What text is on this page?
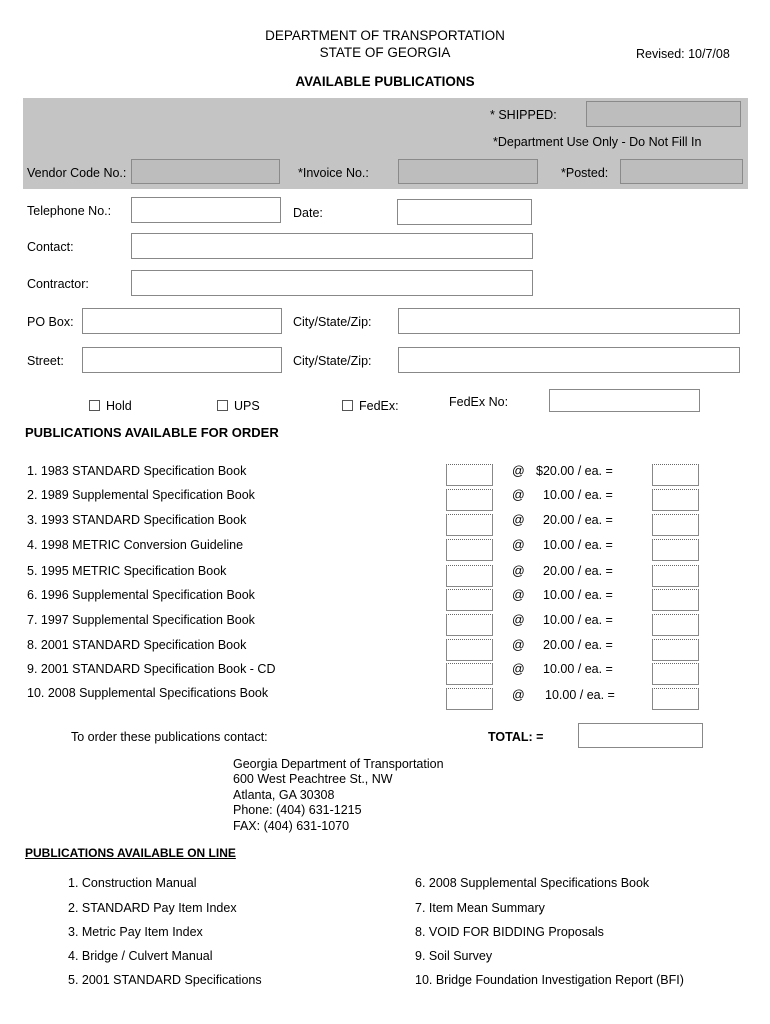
DEPARTMENT OF TRANSPORTATION
STATE OF GEORGIA	Revised: 10/7/08
AVAILABLE PUBLICATIONS
* SHIPPED:
*Department Use Only - Do Not Fill In
Vendor Code No.:	*Invoice No.:	*Posted:
Telephone No.:	Date:
Contact:
Contractor:
PO Box:	City/State/Zip:
Street:	City/State/Zip:
Hold	UPS	FedEx:	FedEx No:
PUBLICATIONS AVAILABLE FOR ORDER
1. 1983 STANDARD Specification Book	@ $20.00 / ea. =
2. 1989 Supplemental Specification Book	@ 10.00 / ea. =
3. 1993 STANDARD Specification Book	@ 20.00 / ea. =
4. 1998 METRIC Conversion Guideline	@ 10.00 / ea. =
5. 1995 METRIC Specification Book	@ 20.00 / ea. =
6. 1996 Supplemental Specification Book	@ 10.00 / ea. =
7. 1997 Supplemental Specification Book	@ 10.00 / ea. =
8. 2001 STANDARD Specification Book	@ 20.00 / ea. =
9. 2001 STANDARD Specification Book - CD	@ 10.00 / ea. =
10. 2008 Supplemental Specifications Book	@ 10.00 / ea. =
To order these publications contact:	TOTAL: =
Georgia Department of Transportation
600 West Peachtree St., NW
Atlanta, GA 30308
Phone: (404) 631-1215
FAX: (404) 631-1070
PUBLICATIONS AVAILABLE ON LINE
1. Construction Manual
2. STANDARD Pay Item Index
3. Metric Pay Item Index
4. Bridge / Culvert Manual
5. 2001 STANDARD Specifications
6. 2008 Supplemental Specifications Book
7. Item Mean Summary
8. VOID FOR BIDDING Proposals
9. Soil Survey
10. Bridge Foundation Investigation Report (BFI)
